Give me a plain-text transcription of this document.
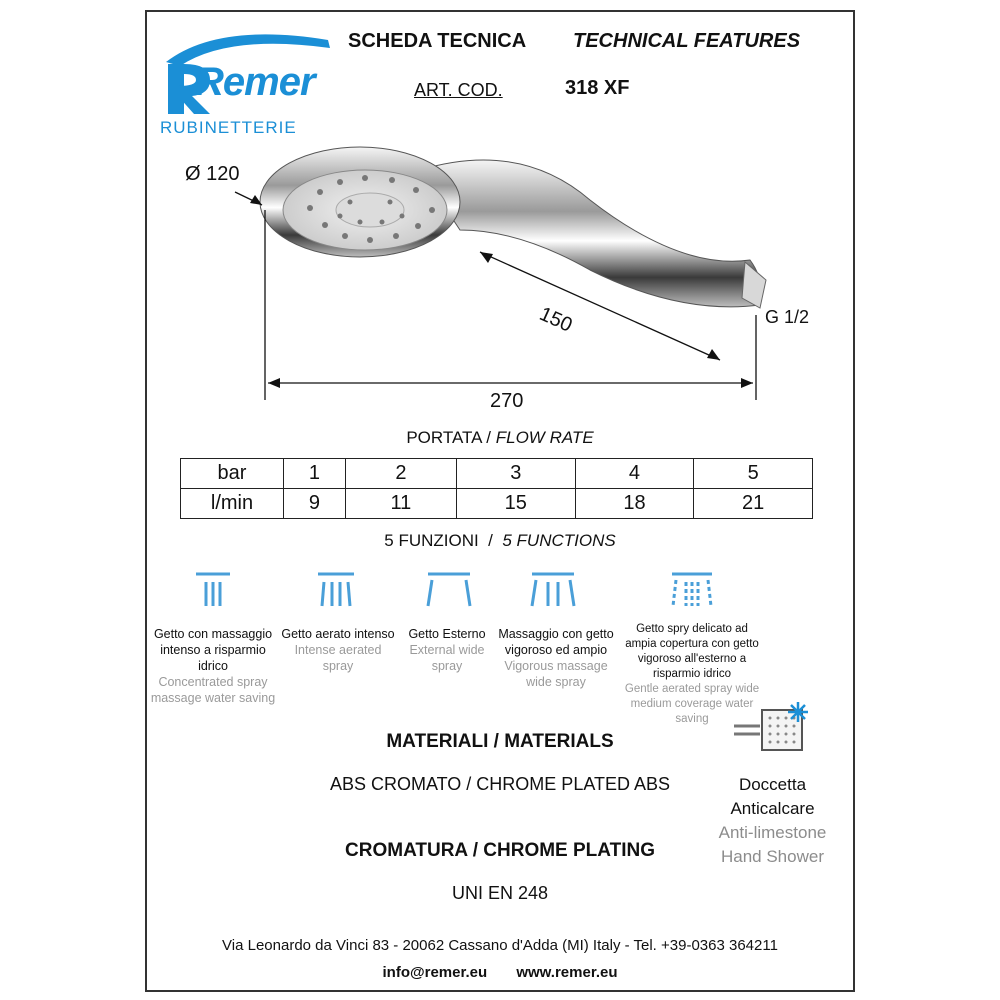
Remer
RUBINETTERIE
SCHEDA TECNICA TECHNICAL FEATURES
ART. COD.	318 XF
Ø 120
150
270
G 1/2
PORTATA / FLOW RATE
bar	1	2	3	4	5
l/min	9	11	15	18	21
5 FUNZIONI  /  5 FUNCTIONS
Getto con massaggio intenso a risparmio idrico
Concentrated spray massage water saving
Getto aerato intenso
Intense aerated spray
Getto Esterno
External wide spray
Massaggio con getto vigoroso ed ampio
Vigorous massage wide spray
Getto spry delicato ad ampia copertura con getto vigoroso all'esterno a risparmio idrico
Gentle aerated spray wide medium coverage water saving
MATERIALI / MATERIALS
ABS CROMATO / CHROME PLATED ABS
CROMATURA / CHROME PLATING
UNI EN 248
Doccetta
Anticalcare
Anti-limestone
Hand Shower
Via Leonardo da Vinci 83 - 20062 Cassano d'Adda (MI) Italy - Tel. +39-0363 364211
info@remer.eu www.remer.eu
